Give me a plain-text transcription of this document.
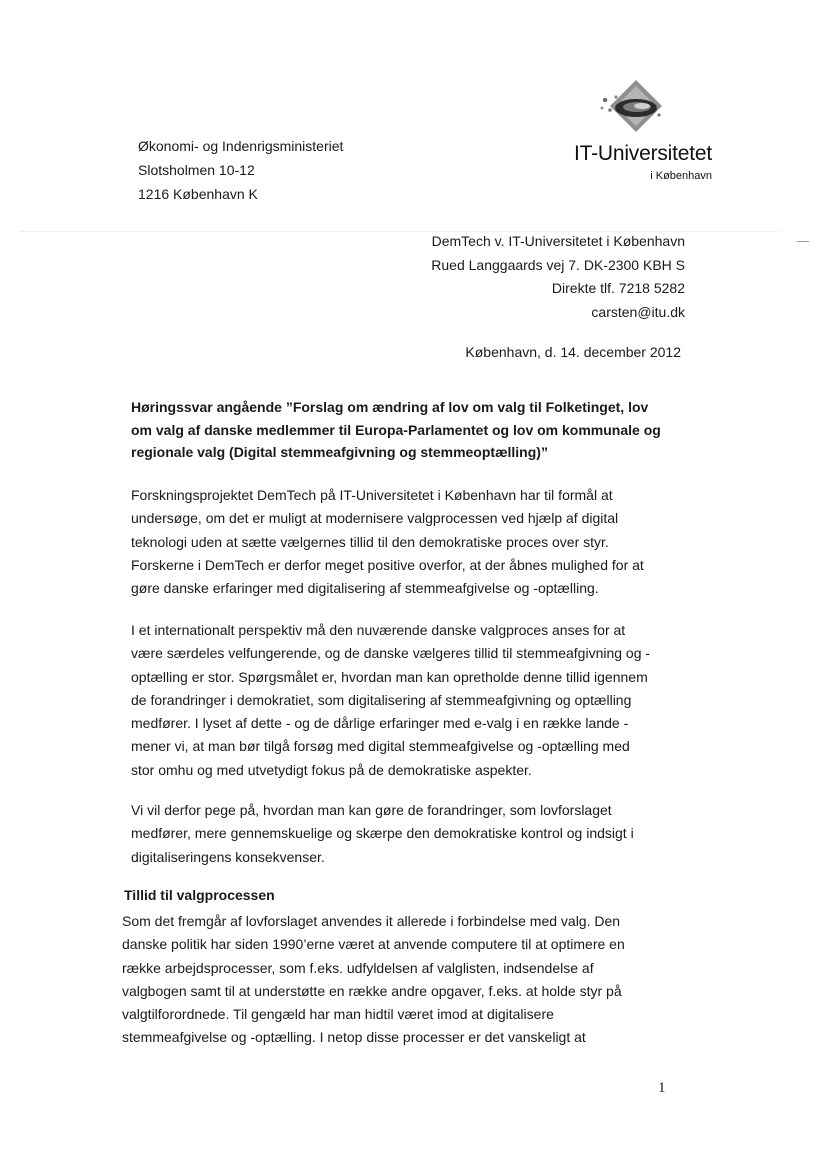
Økonomi- og Indenrigsministeriet
Slotsholmen 10-12
1216 København K
IT-Universitetet
i København
DemTech v. IT-Universitetet i København
Rued Langgaards vej 7. DK-2300 KBH S
Direkte tlf. 7218 5282
carsten@itu.dk
København, d. 14. december 2012
Høringssvar angående ”Forslag om ændring af lov om valg til Folketinget, lov om valg af danske medlemmer til Europa-Parlamentet og lov om kommunale og regionale valg (Digital stemmeafgivning og stemmeoptælling)”
Forskningsprojektet DemTech på IT-Universitetet i København har til formål at
undersøge, om det er muligt at modernisere valgprocessen ved hjælp af digital
teknologi uden at sætte vælgernes tillid til den demokratiske proces over styr.
Forskerne i DemTech er derfor meget positive overfor, at der åbnes mulighed for at
gøre danske erfaringer med digitalisering af stemmeafgivelse og -optælling.
I et internationalt perspektiv må den nuværende danske valgproces anses for at
være særdeles velfungerende, og de danske vælgeres tillid til stemmeafgivning og -
optælling er stor. Spørgsmålet er, hvordan man kan opretholde denne tillid igennem
de forandringer i demokratiet, som digitalisering af stemmeafgivning og optælling
medfører. I lyset af dette - og de dårlige erfaringer med e-valg i en række lande -
mener vi, at man bør tilgå forsøg med digital stemmeafgivelse og -optælling med
stor omhu og med utvetydigt fokus på de demokratiske aspekter.
Vi vil derfor pege på, hvordan man kan gøre de forandringer, som lovforslaget
medfører, mere gennemskuelige og skærpe den demokratiske kontrol og indsigt i
digitaliseringens konsekvenser.
Tillid til valgprocessen
Som det fremgår af lovforslaget anvendes it allerede i forbindelse med valg. Den
danske politik har siden 1990’erne været at anvende computere til at optimere en
række arbejdsprocesser, som f.eks. udfyldelsen af valglisten, indsendelse af
valgbogen samt til at understøtte en række andre opgaver, f.eks. at holde styr på
valgtilforordnede. Til gengæld har man hidtil været imod at digitalisere
stemmeafgivelse og -optælling. I netop disse processer er det vanskeligt at
1
